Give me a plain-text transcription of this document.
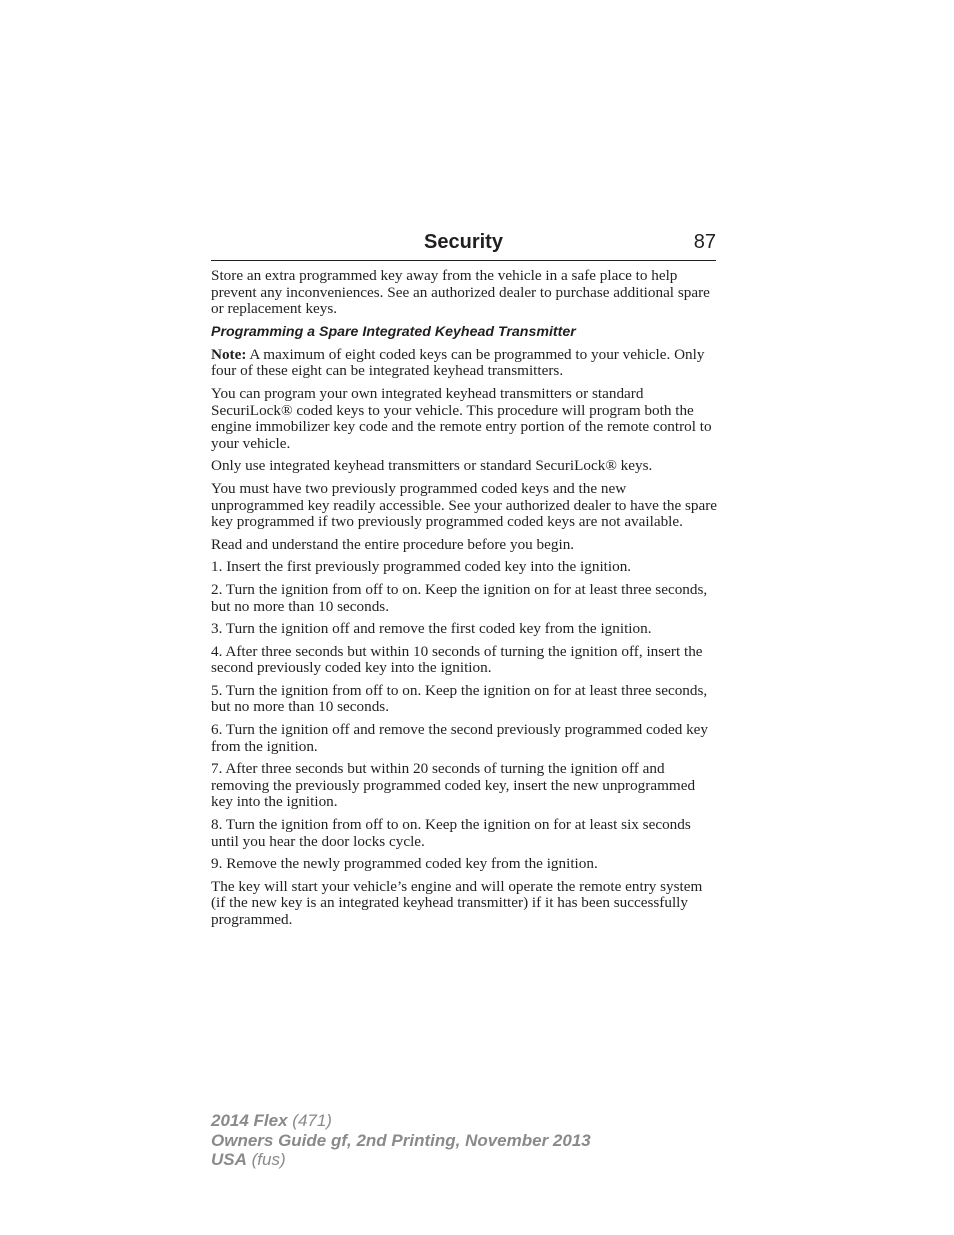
Security	87

Store an extra programmed key away from the vehicle in a safe place to help prevent any inconveniences. See an authorized dealer to purchase additional spare or replacement keys.

Programming a Spare Integrated Keyhead Transmitter

Note: A maximum of eight coded keys can be programmed to your vehicle. Only four of these eight can be integrated keyhead transmitters.

You can program your own integrated keyhead transmitters or standard SecuriLock® coded keys to your vehicle. This procedure will program both the engine immobilizer key code and the remote entry portion of the remote control to your vehicle.

Only use integrated keyhead transmitters or standard SecuriLock® keys.

You must have two previously programmed coded keys and the new unprogrammed key readily accessible. See your authorized dealer to have the spare key programmed if two previously programmed coded keys are not available.

Read and understand the entire procedure before you begin.

1. Insert the first previously programmed coded key into the ignition.

2. Turn the ignition from off to on. Keep the ignition on for at least three seconds, but no more than 10 seconds.

3. Turn the ignition off and remove the first coded key from the ignition.

4. After three seconds but within 10 seconds of turning the ignition off, insert the second previously coded key into the ignition.

5. Turn the ignition from off to on. Keep the ignition on for at least three seconds, but no more than 10 seconds.

6. Turn the ignition off and remove the second previously programmed coded key from the ignition.

7. After three seconds but within 20 seconds of turning the ignition off and removing the previously programmed coded key, insert the new unprogrammed key into the ignition.

8. Turn the ignition from off to on. Keep the ignition on for at least six seconds until you hear the door locks cycle.

9. Remove the newly programmed coded key from the ignition.

The key will start your vehicle’s engine and will operate the remote entry system (if the new key is an integrated keyhead transmitter) if it has been successfully programmed.

2014 Flex (471)
Owners Guide gf, 2nd Printing, November 2013
USA (fus)
